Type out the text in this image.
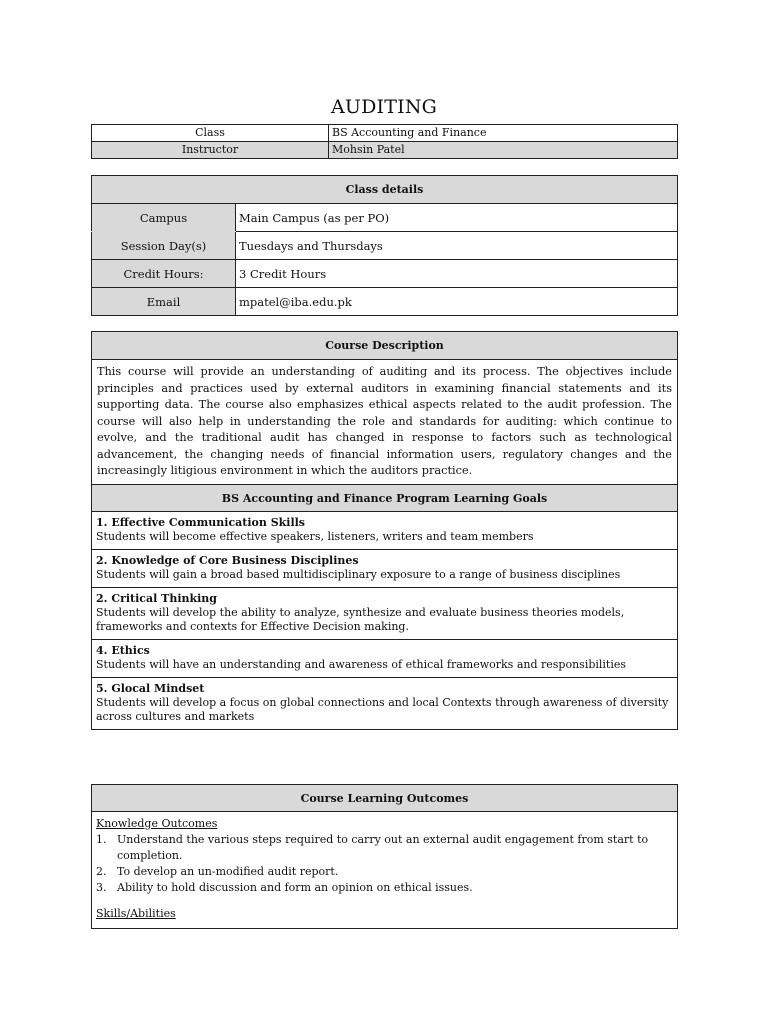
AUDITING
Class	BS Accounting and Finance
Instructor	Mohsin Patel
Class details	
Campus	Main Campus (as per PO)
Session Day(s)	Tuesdays and Thursdays
Credit Hours:	3 Credit Hours
Email	mpatel@iba.edu.pk
Course Description
This course will provide an understanding of auditing and its process. The objectives include principles and practices used by external auditors in examining financial statements and its supporting data. The course also emphasizes ethical aspects related to the audit profession. The course will also help in understanding the role and standards for auditing: which continue to evolve, and the traditional audit has changed in response to factors such as technological advancement, the changing needs of financial information users, regulatory changes and the increasingly litigious environment in which the auditors practice.
BS Accounting and Finance Program Learning Goals

1. Effective Communication Skills
Students will become effective speakers, listeners, writers and team members

2. Knowledge of Core Business Disciplines
Students will gain a broad based multidisciplinary exposure to a range of business disciplines

2. Critical Thinking
Students will develop the ability to analyze, synthesize and evaluate business theories models, frameworks and contexts for Effective Decision making.

4. Ethics
Students will have an understanding and awareness of ethical frameworks and responsibilities

5. Glocal Mindset
Students will develop a focus on global connections and local Contexts through awareness of diversity across cultures and markets
Course Learning Outcomes

Knowledge Outcomes
1. Understand the various steps required to carry out an external audit engagement from start to completion.
2. To develop an un-modified audit report.
3. Ability to hold discussion and form an opinion on ethical issues.
Skills/Abilities
